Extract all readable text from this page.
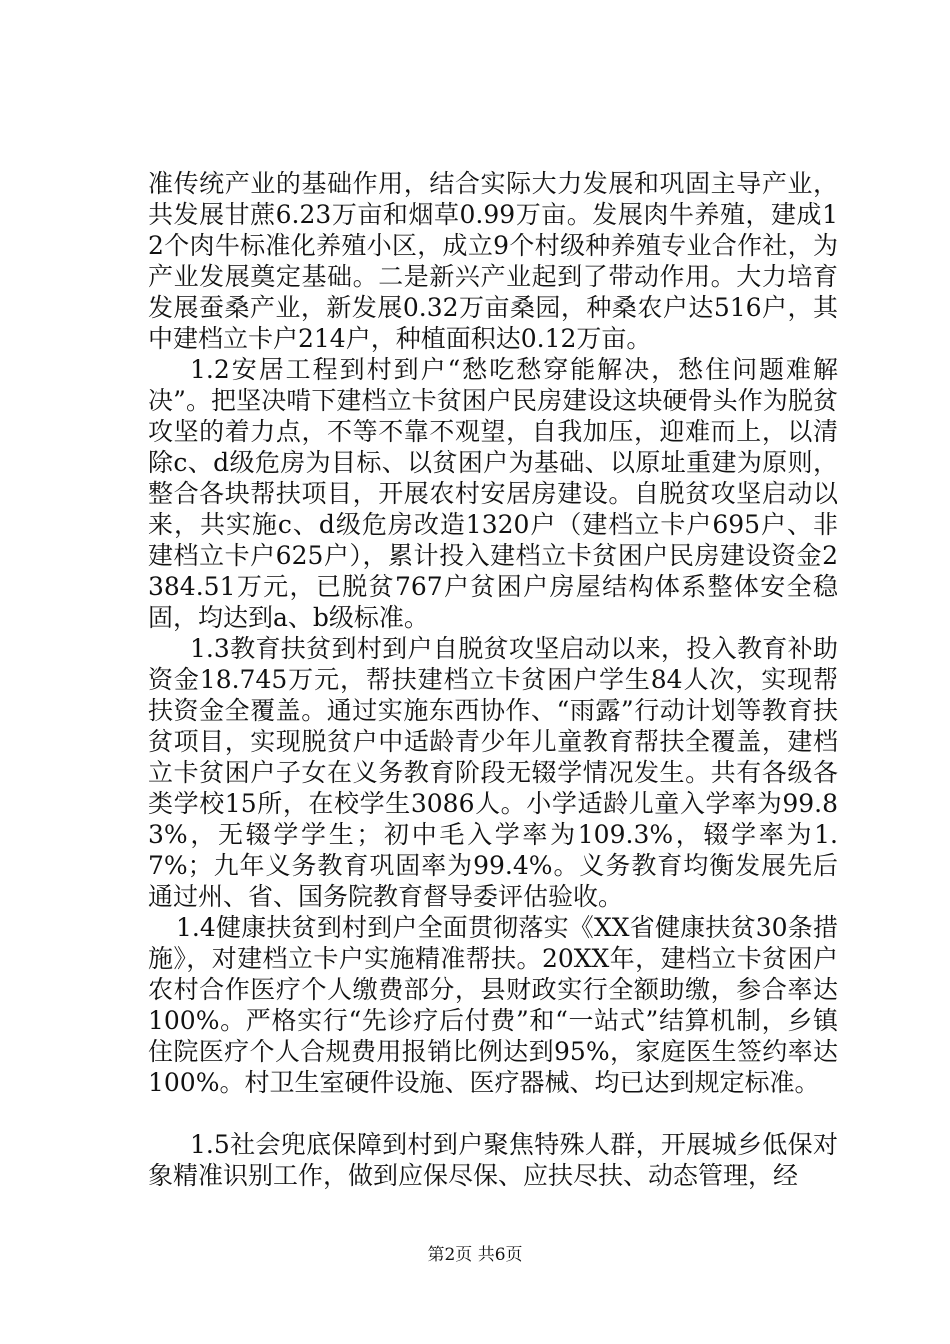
准传统产业的基础作用，结合实际大力发展和巩固主导产业，共发展甘蔗6.23万亩和烟草0.99万亩。发展肉牛养殖，建成12个肉牛标准化养殖小区，成立9个村级种养殖专业合作社，为产业发展奠定基础。二是新兴产业起到了带动作用。大力培育发展蚕桑产业，新发展0.32万亩桑园，种桑农户达516户，其中建档立卡户214户，种植面积达0.12万亩。

1.2安居工程到村到户“愁吃愁穿能解决，愁住问题难解决”。把坚决啃下建档立卡贫困户民房建设这块硬骨头作为脱贫攻坚的着力点，不等不靠不观望，自我加压，迎难而上，以清除c、d级危房为目标、以贫困户为基础、以原址重建为原则，整合各块帮扶项目，开展农村安居房建设。自脱贫攻坚启动以来，共实施c、d级危房改造1320户（建档立卡户695户、非建档立卡户625户），累计投入建档立卡贫困户民房建设资金2384.51万元，已脱贫767户贫困户房屋结构体系整体安全稳固，均达到a、b级标准。

1.3教育扶贫到村到户自脱贫攻坚启动以来，投入教育补助资金18.745万元，帮扶建档立卡贫困户学生84人次，实现帮扶资金全覆盖。通过实施东西协作、“雨露”行动计划等教育扶贫项目，实现脱贫户中适龄青少年儿童教育帮扶全覆盖，建档立卡贫困户子女在义务教育阶段无辍学情况发生。共有各级各类学校15所，在校学生3086人。小学适龄儿童入学率为99.83%，无辍学学生；初中毛入学率为109.3%，辍学率为1.7%；九年义务教育巩固率为99.4%。义务教育均衡发展先后通过州、省、国务院教育督导委评估验收。

1.4健康扶贫到村到户全面贯彻落实《XX省健康扶贫30条措施》，对建档立卡户实施精准帮扶。20XX年，建档立卡贫困户农村合作医疗个人缴费部分，县财政实行全额助缴，参合率达100%。严格实行“先诊疗后付费”和“一站式”结算机制，乡镇住院医疗个人合规费用报销比例达到95%，家庭医生签约率达100%。村卫生室硬件设施、医疗器械、均已达到规定标准。

1.5社会兜底保障到村到户聚焦特殊人群，开展城乡低保对象精准识别工作，做到应保尽保、应扶尽扶、动态管理，经

第2页 共6页
